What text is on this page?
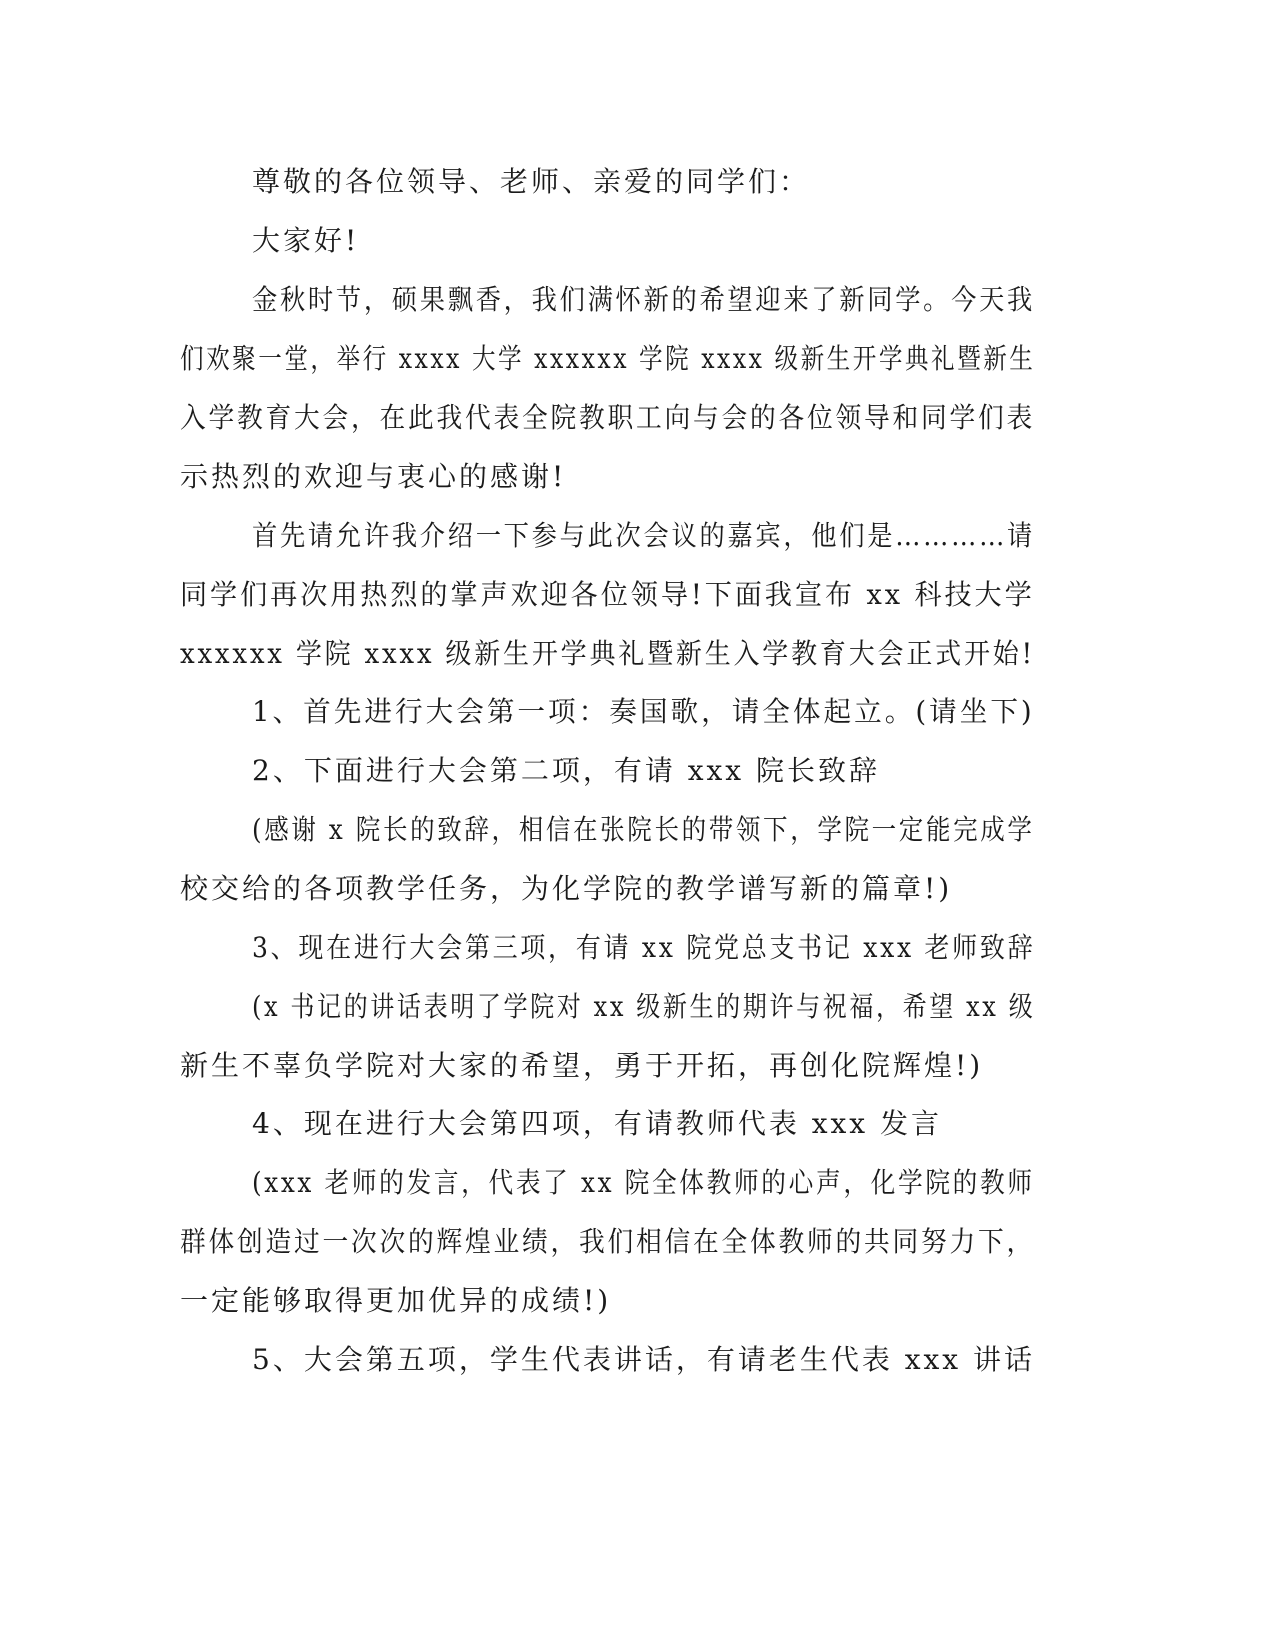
尊敬的各位领导、老师、亲爱的同学们：
大家好!
金秋时节，硕果飘香，我们满怀新的希望迎来了新同学。今天我
们欢聚一堂，举行 xxxx 大学 xxxxxx 学院 xxxx 级新生开学典礼暨新生
入学教育大会，在此我代表全院教职工向与会的各位领导和同学们表
示热烈的欢迎与衷心的感谢!
首先请允许我介绍一下参与此次会议的嘉宾，他们是…………请
同学们再次用热烈的掌声欢迎各位领导!下面我宣布 xx 科技大学
xxxxxx 学院 xxxx 级新生开学典礼暨新生入学教育大会正式开始!
1、首先进行大会第一项：奏国歌，请全体起立。(请坐下)
2、下面进行大会第二项，有请 xxx 院长致辞
(感谢 x 院长的致辞，相信在张院长的带领下，学院一定能完成学
校交给的各项教学任务，为化学院的教学谱写新的篇章!)
3、现在进行大会第三项，有请 xx 院党总支书记 xxx 老师致辞
(x 书记的讲话表明了学院对 xx 级新生的期许与祝福，希望 xx 级
新生不辜负学院对大家的希望，勇于开拓，再创化院辉煌!)
4、现在进行大会第四项，有请教师代表 xxx 发言
(xxx 老师的发言，代表了 xx 院全体教师的心声，化学院的教师
群体创造过一次次的辉煌业绩，我们相信在全体教师的共同努力下，
一定能够取得更加优异的成绩!)
5、大会第五项，学生代表讲话，有请老生代表 xxx 讲话
